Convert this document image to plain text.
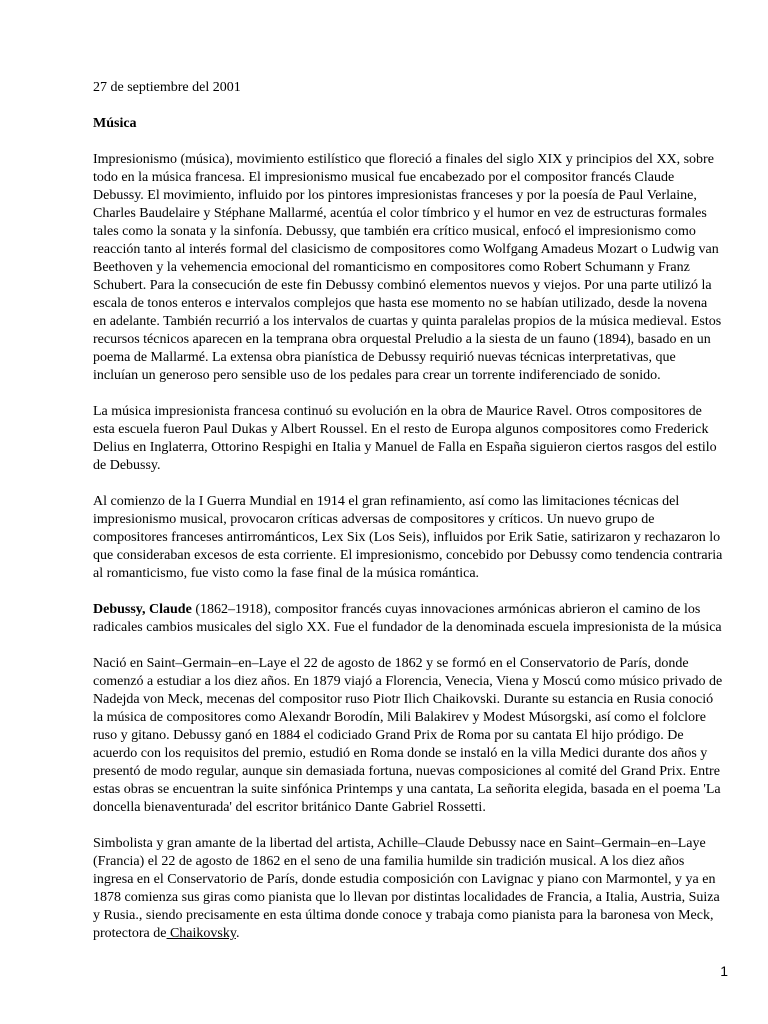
27 de septiembre del 2001

Música

Impresionismo (música), movimiento estilístico que floreció a finales del siglo XIX y principios del XX, sobre todo en la música francesa. El impresionismo musical fue encabezado por el compositor francés Claude Debussy. El movimiento, influido por los pintores impresionistas franceses y por la poesía de Paul Verlaine, Charles Baudelaire y Stéphane Mallarmé, acentúa el color tímbrico y el humor en vez de estructuras formales tales como la sonata y la sinfonía. Debussy, que también era crítico musical, enfocó el impresionismo como reacción tanto al interés formal del clasicismo de compositores como Wolfgang Amadeus Mozart o Ludwig van Beethoven y la vehemencia emocional del romanticismo en compositores como Robert Schumann y Franz Schubert. Para la consecución de este fin Debussy combinó elementos nuevos y viejos. Por una parte utilizó la escala de tonos enteros e intervalos complejos que hasta ese momento no se habían utilizado, desde la novena en adelante. También recurrió a los intervalos de cuartas y quinta paralelas propios de la música medieval. Estos recursos técnicos aparecen en la temprana obra orquestal Preludio a la siesta de un fauno (1894), basado en un poema de Mallarmé. La extensa obra pianística de Debussy requirió nuevas técnicas interpretativas, que incluían un generoso pero sensible uso de los pedales para crear un torrente indiferenciado de sonido.

La música impresionista francesa continuó su evolución en la obra de Maurice Ravel. Otros compositores de esta escuela fueron Paul Dukas y Albert Roussel. En el resto de Europa algunos compositores como Frederick Delius en Inglaterra, Ottorino Respighi en Italia y Manuel de Falla en España siguieron ciertos rasgos del estilo de Debussy.

Al comienzo de la I Guerra Mundial en 1914 el gran refinamiento, así como las limitaciones técnicas del impresionismo musical, provocaron críticas adversas de compositores y críticos. Un nuevo grupo de compositores franceses antirrománticos, Lex Six (Los Seis), influidos por Erik Satie, satirizaron y rechazaron lo que consideraban excesos de esta corriente. El impresionismo, concebido por Debussy como tendencia contraria al romanticismo, fue visto como la fase final de la música romántica.

Debussy, Claude (1862–1918), compositor francés cuyas innovaciones armónicas abrieron el camino de los radicales cambios musicales del siglo XX. Fue el fundador de la denominada escuela impresionista de la música

Nació en Saint–Germain–en–Laye el 22 de agosto de 1862 y se formó en el Conservatorio de París, donde comenzó a estudiar a los diez años. En 1879 viajó a Florencia, Venecia, Viena y Moscú como músico privado de Nadejda von Meck, mecenas del compositor ruso Piotr Ilich Chaikovski. Durante su estancia en Rusia conoció la música de compositores como Alexandr Borodín, Mili Balakirev y Modest Músorgski, así como el folclore ruso y gitano. Debussy ganó en 1884 el codiciado Grand Prix de Roma por su cantata El hijo pródigo. De acuerdo con los requisitos del premio, estudió en Roma donde se instaló en la villa Medici durante dos años y presentó de modo regular, aunque sin demasiada fortuna, nuevas composiciones al comité del Grand Prix. Entre estas obras se encuentran la suite sinfónica Printemps y una cantata, La señorita elegida, basada en el poema 'La doncella bienaventurada' del escritor británico Dante Gabriel Rossetti.

Simbolista y gran amante de la libertad del artista, Achille–Claude Debussy nace en Saint–Germain–en–Laye (Francia) el 22 de agosto de 1862 en el seno de una familia humilde sin tradición musical. A los diez años ingresa en el Conservatorio de París, donde estudia composición con Lavignac y piano con Marmontel, y ya en 1878 comienza sus giras como pianista que lo llevan por distintas localidades de Francia, a Italia, Austria, Suiza y Rusia., siendo precisamente en esta última donde conoce y trabaja como pianista para la baronesa von Meck, protectora de Chaikovsky.

1
